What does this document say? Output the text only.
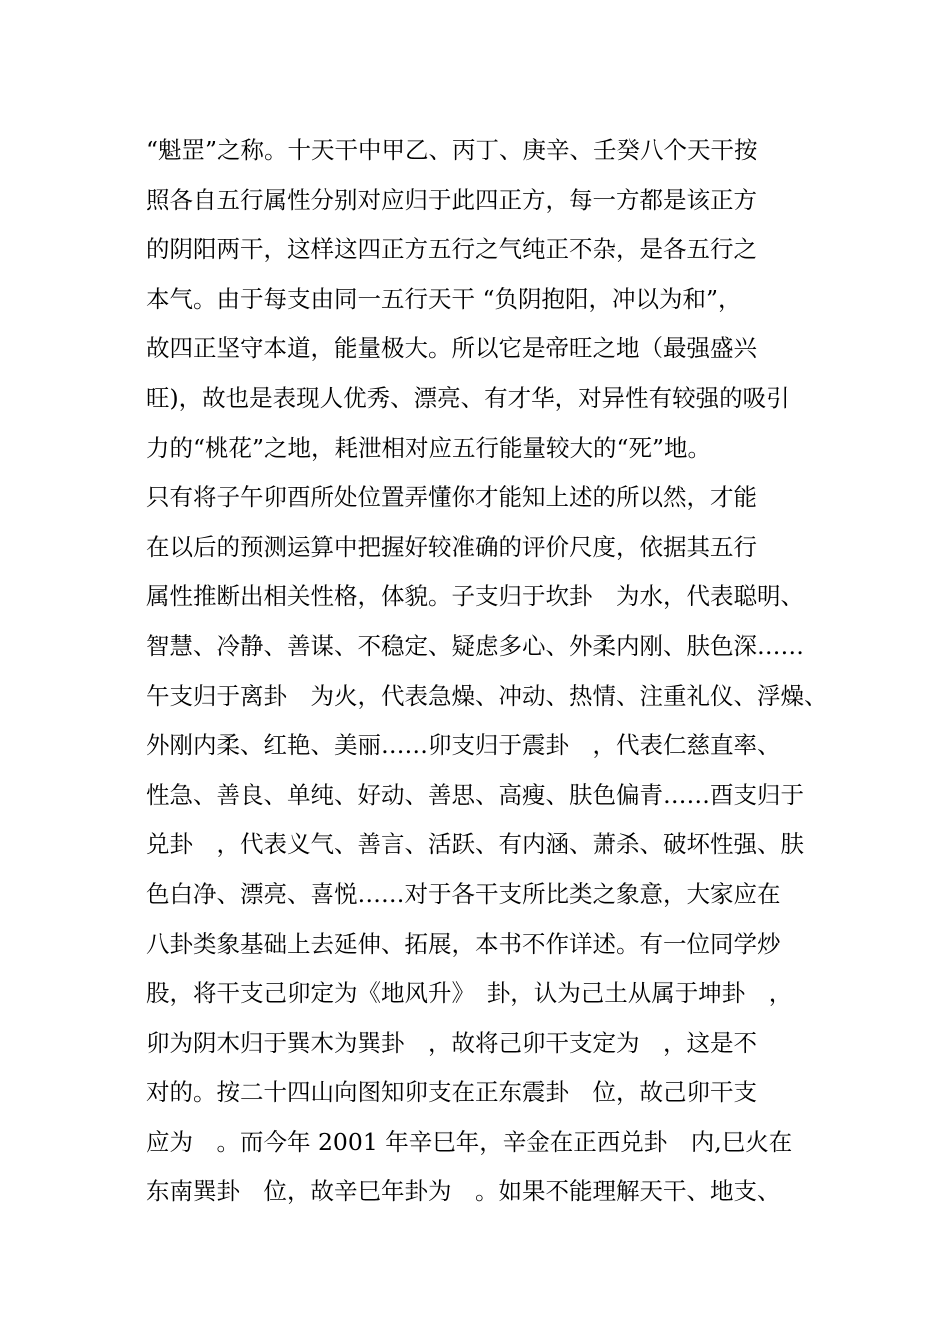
“魁罡”之称。十天干中甲乙、丙丁、庚辛、壬癸八个天干按
照各自五行属性分别对应归于此四正方，每一方都是该正方
的阴阳两干，这样这四正方五行之气纯正不杂，是各五行之
本气。由于每支由同一五行天干 “负阴抱阳，冲以为和”，
故四正坚守本道，能量极大。所以它是帝旺之地（最强盛兴
旺)，故也是表现人优秀、漂亮、有才华，对异性有较强的吸引
力的“桃花”之地，耗泄相对应五行能量较大的“死”地。
只有将子午卯酉所处位置弄懂你才能知上述的所以然，才能
在以后的预测运算中把握好较准确的评价尺度，依据其五行
属性推断出相关性格，体貌。子支归于坎卦　为水，代表聪明、
智慧、冷静、善谋、不稳定、疑虑多心、外柔内刚、肤色深……
午支归于离卦　为火，代表急燥、冲动、热情、注重礼仪、浮燥、
外刚内柔、红艳、美丽……卯支归于震卦　，代表仁慈直率、
性急、善良、单纯、好动、善思、高瘦、肤色偏青……酉支归于
兑卦　，代表义气、善言、活跃、有内涵、萧杀、破坏性强、肤
色白净、漂亮、喜悦……对于各干支所比类之象意，大家应在
八卦类象基础上去延伸、拓展，本书不作详述。有一位同学炒
股，将干支己卯定为《地风升》　卦，认为己土从属于坤卦　，
卯为阴木归于巽木为巽卦　，故将己卯干支定为　，这是不
对的。按二十四山向图知卯支在正东震卦　位，故己卯干支
应为　。而今年 2001 年辛巳年，辛金在正西兑卦　内,巳火在
东南巽卦　位，故辛巳年卦为　。如果不能理解天干、地支、
